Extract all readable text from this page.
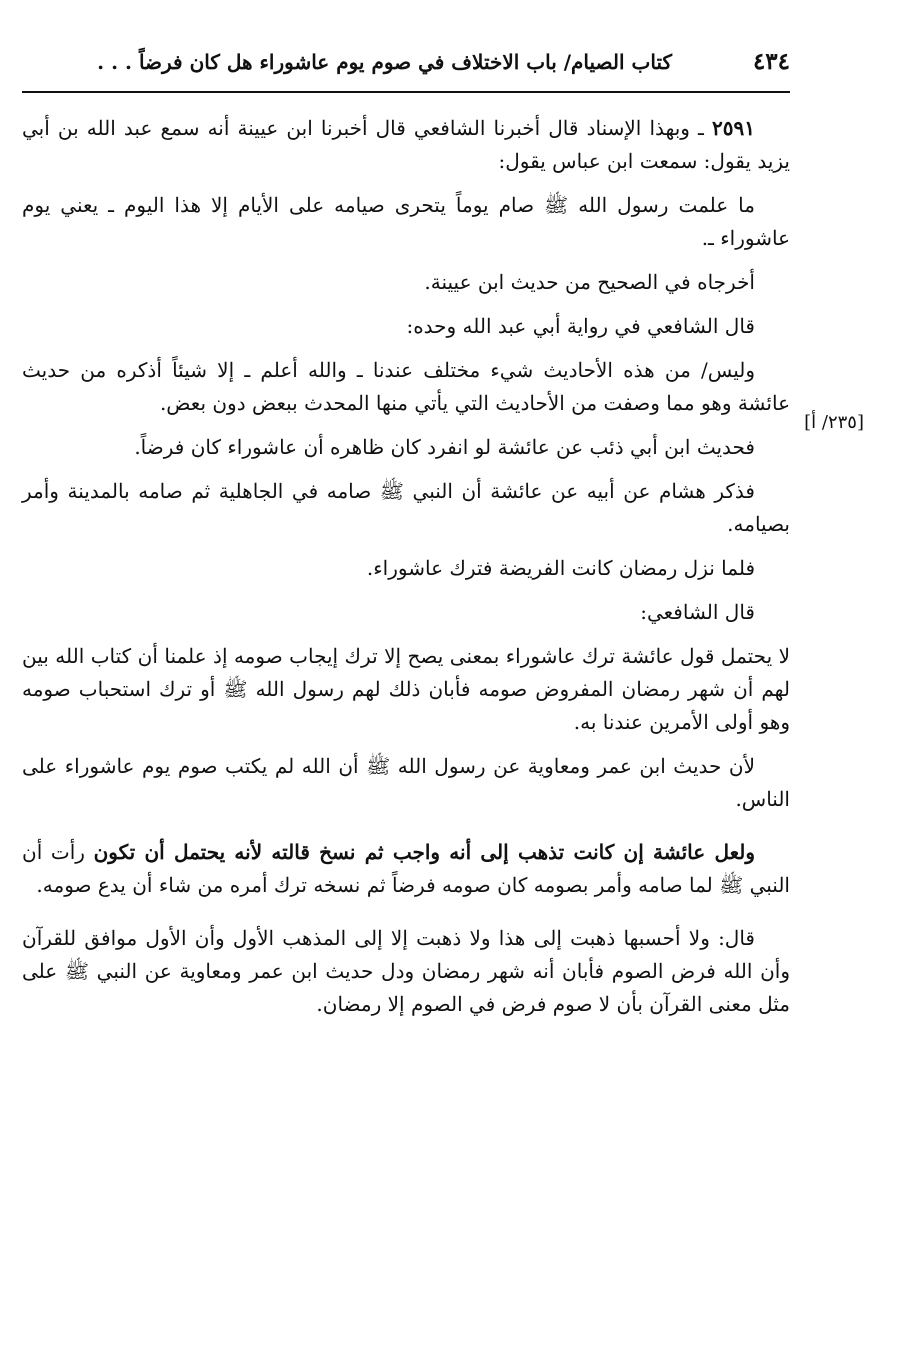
٤٣٤
كتاب الصيام/ باب الاختلاف في صوم يوم عاشوراء هل كان فرضاً . . .
[٢٣٥/ أ]

٢٥٩١ ـ وبهذا الإسناد قال أخبرنا الشافعي قال أخبرنا ابن عيينة أنه سمع عبد الله بن أبي يزيد يقول: سمعت ابن عباس يقول:

ما علمت رسول الله ﷺ صام يوماً يتحرى صيامه على الأيام إلا هذا اليوم ـ يعني يوم عاشوراء ـ.

أخرجاه في الصحيح من حديث ابن عيينة.

قال الشافعي في رواية أبي عبد الله وحده:

وليس/ من هذه الأحاديث شيء مختلف عندنا ـ والله أعلم ـ إلا شيئاً أذكره من حديث عائشة وهو مما وصفت من الأحاديث التي يأتي منها المحدث ببعض دون بعض.

فحديث ابن أبي ذئب عن عائشة لو انفرد كان ظاهره أن عاشوراء كان فرضاً.

فذكر هشام عن أبيه عن عائشة أن النبي ﷺ صامه في الجاهلية ثم صامه بالمدينة وأمر بصيامه.

فلما نزل رمضان كانت الفريضة فترك عاشوراء.

قال الشافعي:

لا يحتمل قول عائشة ترك عاشوراء بمعنى يصح إلا ترك إيجاب صومه إذ علمنا أن كتاب الله بين لهم أن شهر رمضان المفروض صومه فأبان ذلك لهم رسول الله ﷺ أو ترك استحباب صومه وهو أولى الأمرين عندنا به.

لأن حديث ابن عمر ومعاوية عن رسول الله ﷺ أن الله لم يكتب صوم يوم عاشوراء على الناس.

ولعل عائشة إن كانت تذهب إلى أنه واجب ثم نسخ قالته لأنه يحتمل أن تكون رأت أن النبي ﷺ لما صامه وأمر بصومه كان صومه فرضاً ثم نسخه ترك أمره من شاء أن يدع صومه.

قال: ولا أحسبها ذهبت إلى هذا ولا ذهبت إلا إلى المذهب الأول وأن الأول موافق للقرآن وأن الله فرض الصوم فأبان أنه شهر رمضان ودل حديث ابن عمر ومعاوية عن النبي ﷺ على مثل معنى القرآن بأن لا صوم فرض في الصوم إلا رمضان.
